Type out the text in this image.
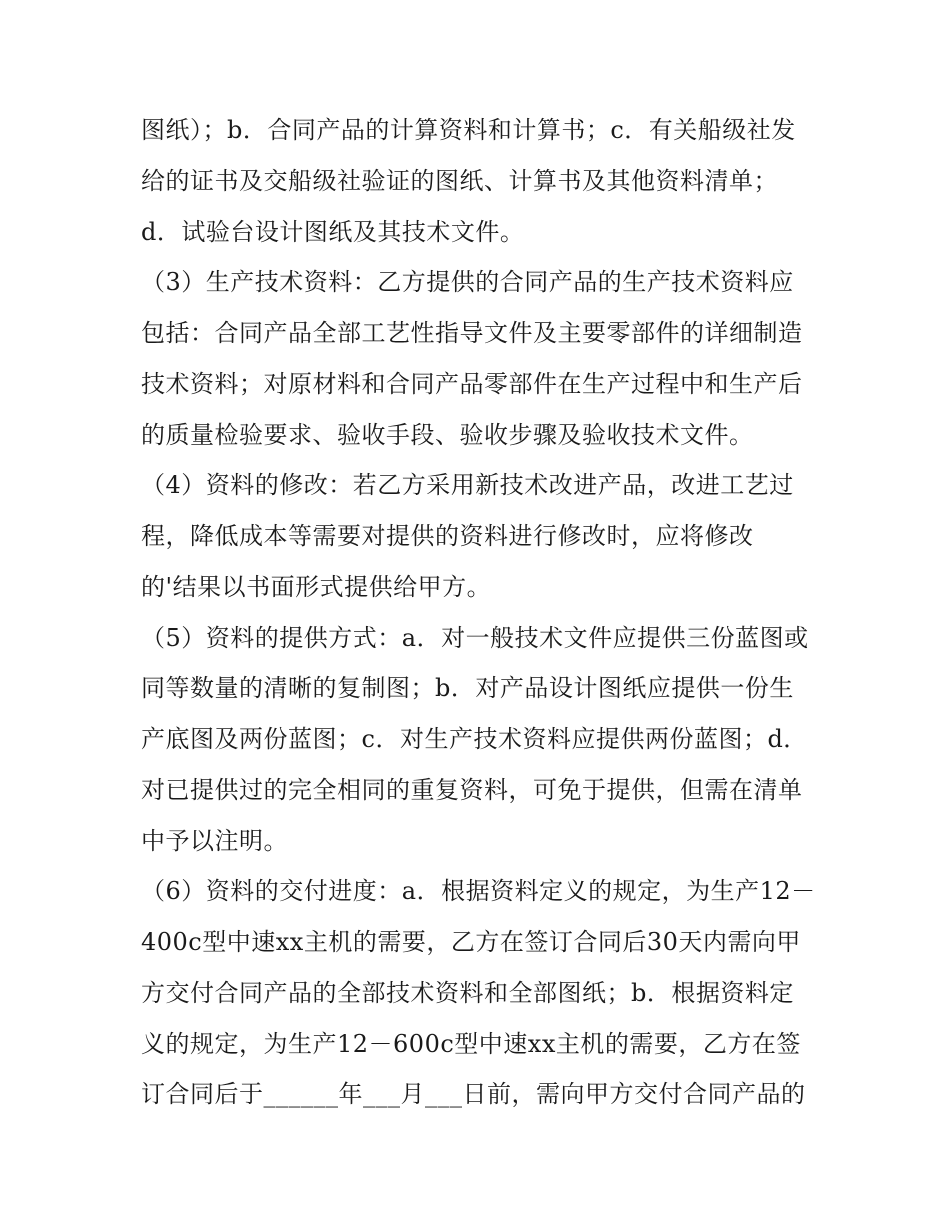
图纸）；b．合同产品的计算资料和计算书；c．有关船级社发
给的证书及交船级社验证的图纸、计算书及其他资料清单；
d．试验台设计图纸及其技术文件。
（3）生产技术资料：乙方提供的合同产品的生产技术资料应
包括：合同产品全部工艺性指导文件及主要零部件的详细制造
技术资料；对原材料和合同产品零部件在生产过程中和生产后
的质量检验要求、验收手段、验收步骤及验收技术文件。
（4）资料的修改：若乙方采用新技术改进产品，改进工艺过
程，降低成本等需要对提供的资料进行修改时，应将修改
的'结果以书面形式提供给甲方。
（5）资料的提供方式：a．对一般技术文件应提供三份蓝图或
同等数量的清晰的复制图；b．对产品设计图纸应提供一份生
产底图及两份蓝图；c．对生产技术资料应提供两份蓝图；d．
对已提供过的完全相同的重复资料，可免于提供，但需在清单
中予以注明。
（6）资料的交付进度：a．根据资料定义的规定，为生产12－
400c型中速xx主机的需要，乙方在签订合同后30天内需向甲
方交付合同产品的全部技术资料和全部图纸；b．根据资料定
义的规定，为生产12－600c型中速xx主机的需要，乙方在签
订合同后于______年___月___日前，需向甲方交付合同产品的
